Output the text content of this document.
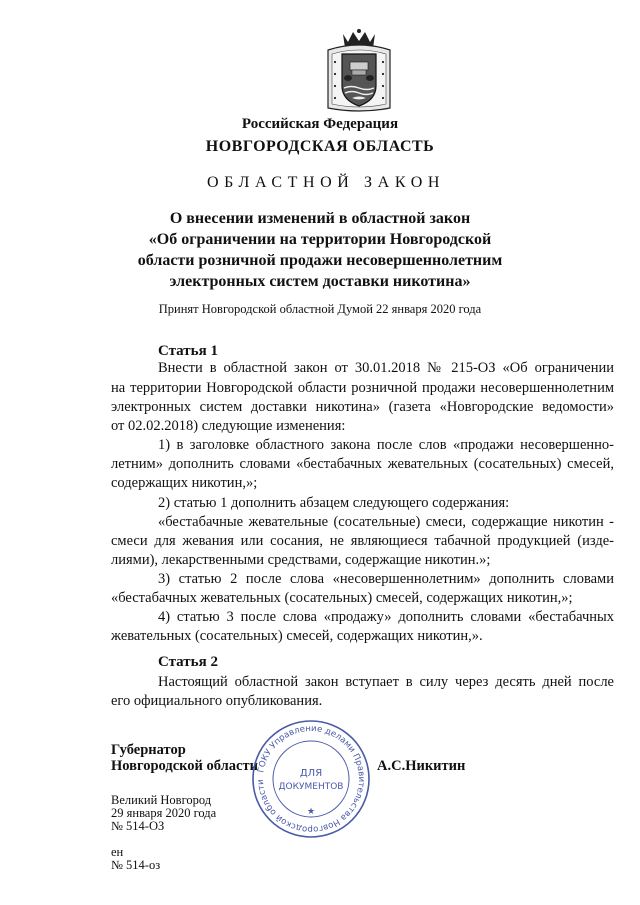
Российская Федерация
НОВГОРОДСКАЯ ОБЛАСТЬ
ОБЛАСТНОЙ ЗАКОН
О внесении изменений в областной закон
«Об ограничении на территории Новгородской
области розничной продажи несовершеннолетним
электронных систем доставки никотина»
Принят Новгородской областной Думой 22 января 2020 года
Статья 1
Внести в областной закон от 30.01.2018 № 215-ОЗ «Об ограничении
на территории Новгородской области розничной продажи несовершеннолетним
электронных систем доставки никотина» (газета «Новгородские ведомости»
от 02.02.2018) следующие изменения:
1) в заголовке областного закона после слов «продажи несовершенно-
летним» дополнить словами «бестабачных жевательных (сосательных) смесей,
содержащих никотин,»;
2) статью 1 дополнить абзацем следующего содержания:
«бестабачные жевательные (сосательные) смеси, содержащие никотин -
смеси для жевания или сосания, не являющиеся табачной продукцией (изде-
лиями), лекарственными средствами, содержащие никотин.»;
3) статью 2 после слова «несовершеннолетним» дополнить словами
«бестабачных жевательных (сосательных) смесей, содержащих никотин,»;
4) статью 3 после слова «продажу» дополнить словами «бестабачных
жевательных (сосательных) смесей, содержащих никотин,».
Статья 2
Настоящий областной закон вступает в силу через десять дней после
его официального опубликования.
Губернатор
Новгородской области	А.С.Никитин
Великий Новгород
29 января 2020 года
№ 514-ОЗ
ен
№ 514-оз
ГОКУ Управление делами Правительства Новгородской области
ДЛЯ
ДОКУМЕНТОВ
★
